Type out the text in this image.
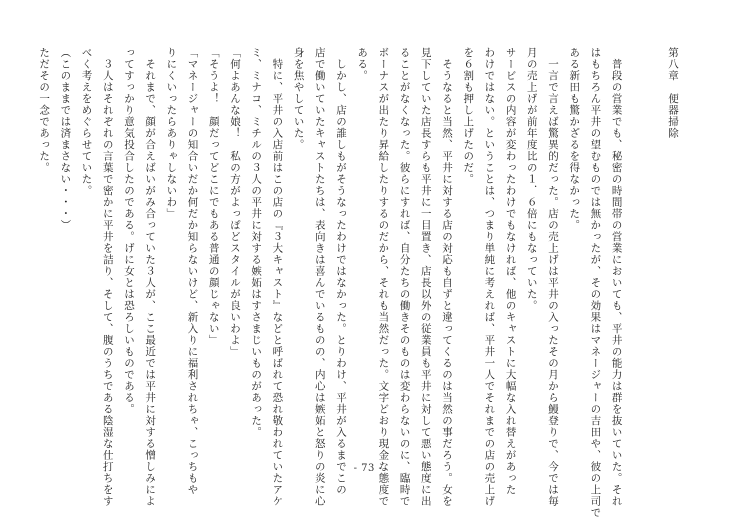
第八章　便器掃除

　普段の営業でも、秘密の時間帯の営業においても、平井の能力は群を抜いていた。それ

はもちろん平井の望むものでは無かったが、その効果はマネージャーの吉田や、彼の上司で

ある新田も驚かざるを得なかった。

　一言で言えば驚異的だった。店の売上げは平井の入ったその月から鰻登りで、今では毎

月の売上げが前年度比の１．６倍にもなっていた。

サービスの内容が変わったわけでもなければ、他のキャストに大幅な入れ替えがあった

わけではない。ということは、つまり単純に考えれば、平井一人でそれまでの店の売上げ

を６割も押し上げたのだ。

　そうなると当然、平井に対する店の対応も自ずと違ってくるのは当然の事だろう。女を

見下していた店長すらも平井に一目置き、店長以外の従業員も平井に対して悪い態度に出

ることがなくなった。彼らにすれば、自分たちの働きそのものは変わらないのに、臨時で

ボーナスが出たり昇給したりするのだから、それも当然だった。文字どおり現金な態度で

ある。

　しかし、店の誰しもがそうなったわけではなかった。とりわけ、平井が入るまでこの

店で働いていたキャストたちは、表向きは喜んでいるものの、内心は嫉妬と怒りの炎に心

身を焦やしていた。

　特に、平井の入店前はこの店の『３大キャスト』などと呼ばれて恐れ敬われていたアケ

ミ、ミナコ、ミチルの３人の平井に対する嫉妬はすさまじいものがあった。

「何よあんな娘！　私の方がよっぽどスタイルが良いわよ」

「そうよ！　顔だってどこにでもある普通の顔じゃない」

「マネージャーの知合いだか何だか知らないけど、新入りに福利されちゃ、こっちもや

りにくいったらありゃしないわ」

　それまで、顔が合えばいがみ合っていた３人が、ここ最近では平井に対する憎しみによ

ってすっかり意気投合したのである。げに女とは恐ろしいものである。

　３人はそれぞれの言葉で密かに平井を詰り、そして、腹のうちである陰湿な仕打ちをす

べく考えをめぐらせていた。

（このままでは済まさない・・・）

ただその一念であった。

- 73 -
